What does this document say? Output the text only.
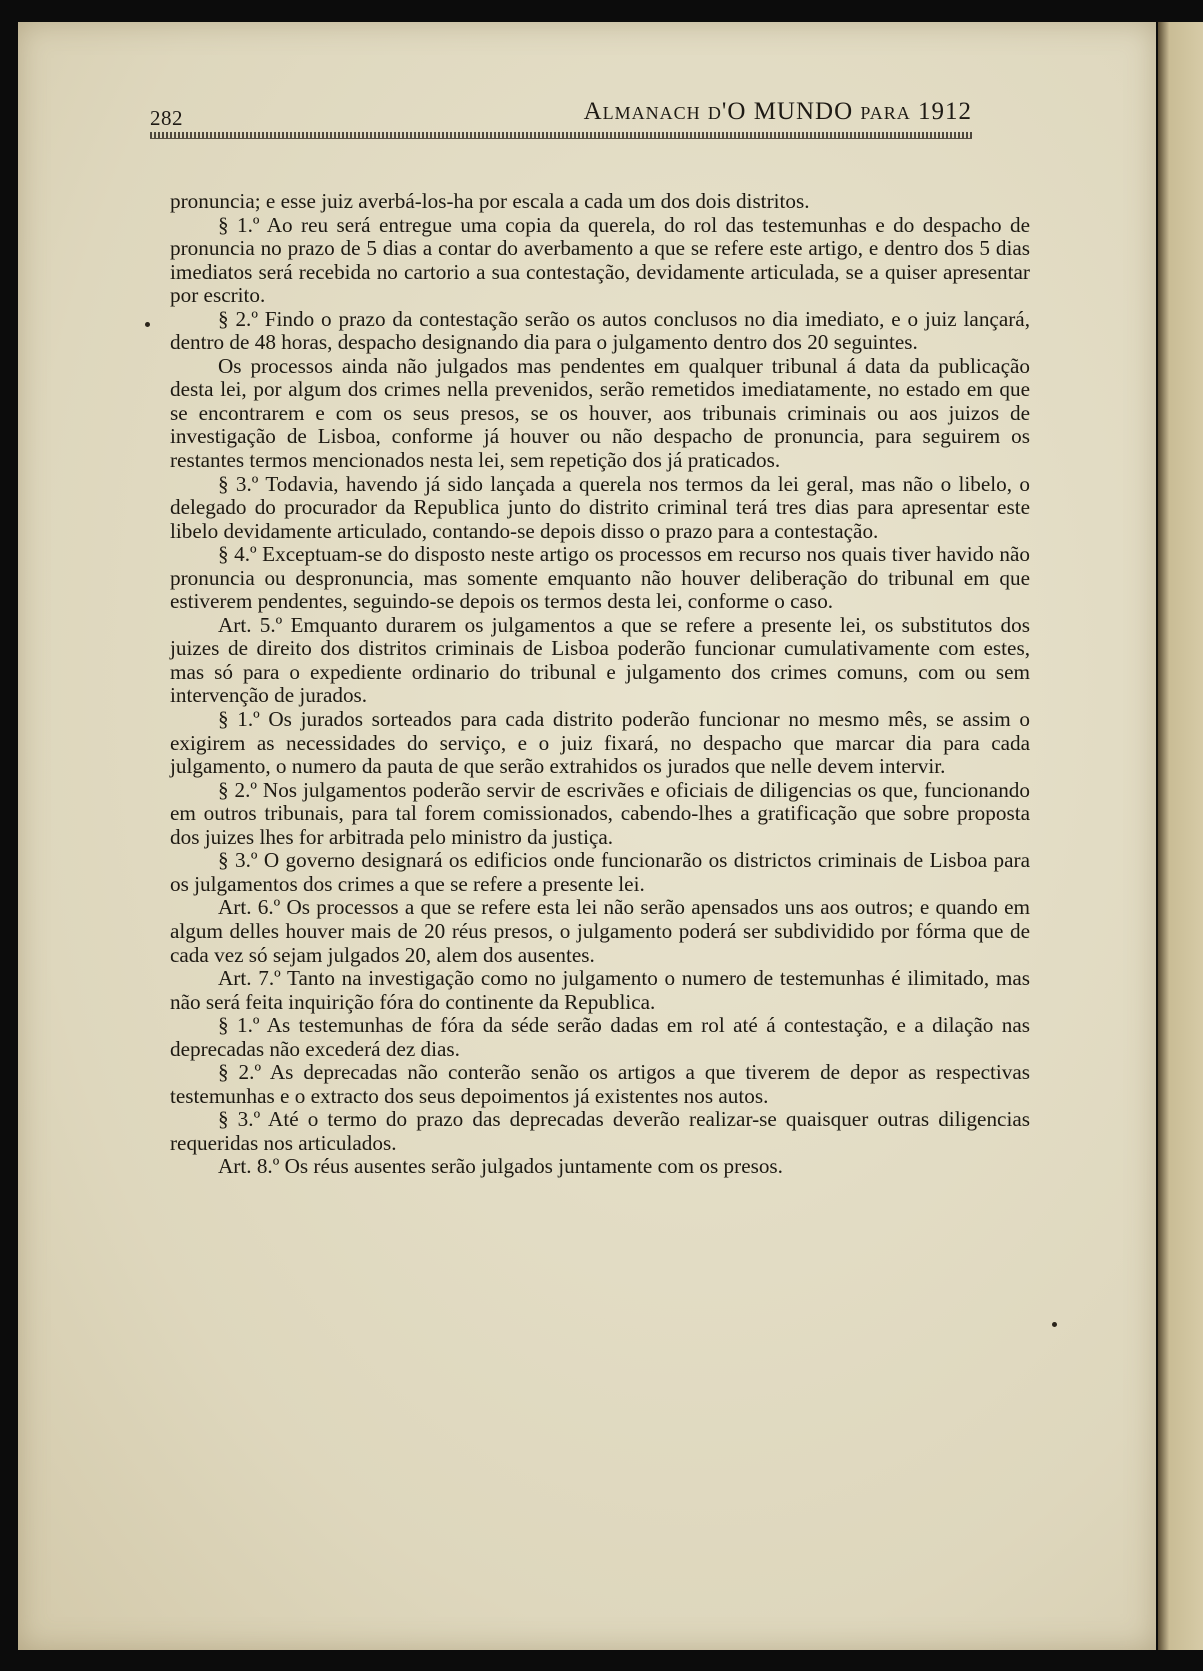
282	Almanach d'O MUNDO para 1912

pronuncia; e esse juiz averbá-los-ha por escala a cada um dos dois distritos.

§ 1.º Ao reu será entregue uma copia da querela, do rol das testemunhas e do despacho de pronuncia no prazo de 5 dias a contar do averbamento a que se refere este artigo, e dentro dos 5 dias imediatos será recebida no cartorio a sua contestação, devidamente articulada, se a quiser apresentar por escrito.

§ 2.º Findo o prazo da contestação serão os autos conclusos no dia imediato, e o juiz lançará, dentro de 48 horas, despacho designando dia para o julgamento dentro dos 20 seguintes.

Os processos ainda não julgados mas pendentes em qualquer tribunal á data da publicação desta lei, por algum dos crimes nella prevenidos, serão remetidos imediatamente, no estado em que se encontrarem e com os seus presos, se os houver, aos tribunais criminais ou aos juizos de investigação de Lisboa, conforme já houver ou não despacho de pronuncia, para seguirem os restantes termos mencionados nesta lei, sem repetição dos já praticados.

§ 3.º Todavia, havendo já sido lançada a querela nos termos da lei geral, mas não o libelo, o delegado do procurador da Republica junto do distrito criminal terá tres dias para apresentar este libelo devidamente articulado, contando-se depois disso o prazo para a contestação.

§ 4.º Exceptuam-se do disposto neste artigo os processos em recurso nos quais tiver havido não pronuncia ou despronuncia, mas somente emquanto não houver deliberação do tribunal em que estiverem pendentes, seguindo-se depois os termos desta lei, conforme o caso.

Art. 5.º Emquanto durarem os julgamentos a que se refere a presente lei, os substitutos dos juizes de direito dos distritos criminais de Lisboa poderão funcionar cumulativamente com estes, mas só para o expediente ordinario do tribunal e julgamento dos crimes comuns, com ou sem intervenção de jurados.

§ 1.º Os jurados sorteados para cada distrito poderão funcionar no mesmo mês, se assim o exigirem as necessidades do serviço, e o juiz fixará, no despacho que marcar dia para cada julgamento, o numero da pauta de que serão extrahidos os jurados que nelle devem intervir.

§ 2.º Nos julgamentos poderão servir de escrivães e oficiais de diligencias os que, funcionando em outros tribunais, para tal forem comissionados, cabendo-lhes a gratificação que sobre proposta dos juizes lhes for arbitrada pelo ministro da justiça.

§ 3.º O governo designará os edificios onde funcionarão os districtos criminais de Lisboa para os julgamentos dos crimes a que se refere a presente lei.

Art. 6.º Os processos a que se refere esta lei não serão apensados uns aos outros; e quando em algum delles houver mais de 20 réus presos, o julgamento poderá ser subdividido por fórma que de cada vez só sejam julgados 20, alem dos ausentes.

Art. 7.º Tanto na investigação como no julgamento o numero de testemunhas é ilimitado, mas não será feita inquirição fóra do continente da Republica.

§ 1.º As testemunhas de fóra da séde serão dadas em rol até á contestação, e a dilação nas deprecadas não excederá dez dias.

§ 2.º As deprecadas não conterão senão os artigos a que tiverem de depor as respectivas testemunhas e o extracto dos seus depoimentos já existentes nos autos.

§ 3.º Até o termo do prazo das deprecadas deverão realizar-se quaisquer outras diligencias requeridas nos articulados.

Art. 8.º Os réus ausentes serão julgados juntamente com os presos.
